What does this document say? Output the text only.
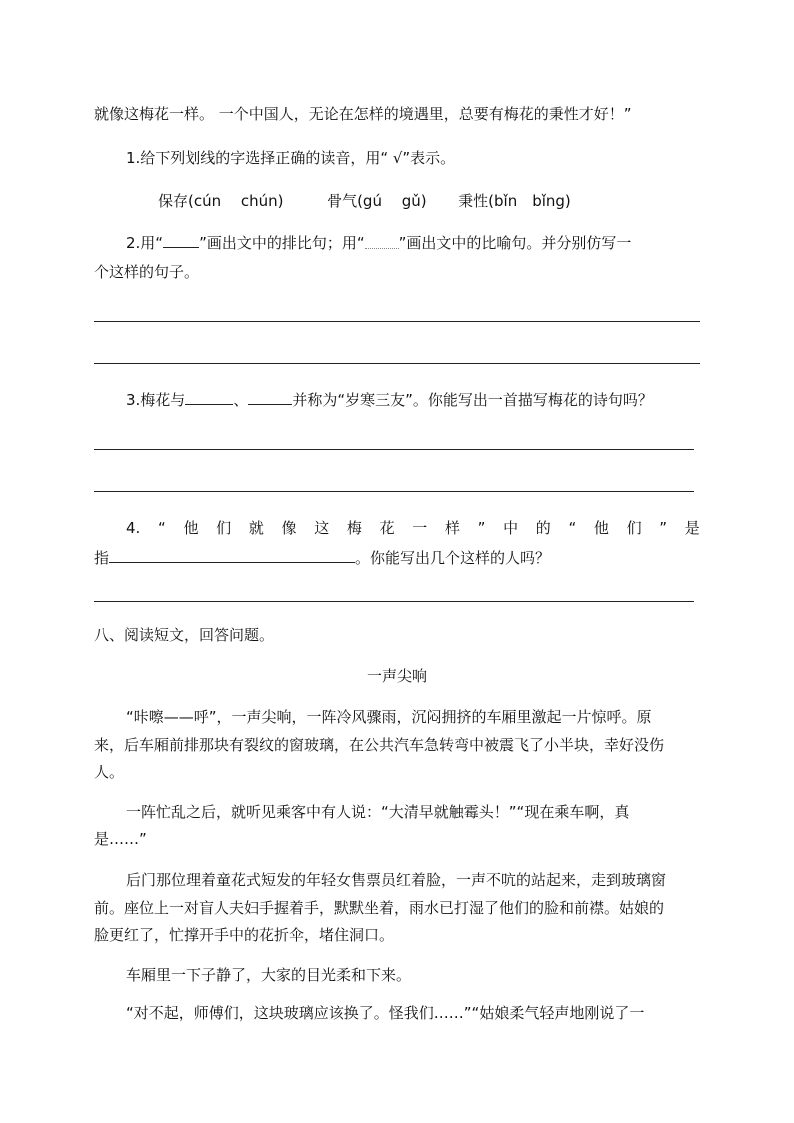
就像这梅花一样。 一个中国人，无论在怎样的境遇里，总要有梅花的秉性才好！”
1.给下列划线的字选择正确的读音，用“ √”表示。
保存(cún　 chún)	骨气(gú　 gǔ) 秉性(bǐn　bǐng)
2.用“ ”画出文中的排比句；用“ ”画出文中的比喻句。并分别仿写一
个这样的句子。
3.梅花与	、	并称为“岁寒三友”。你能写出一首描写梅花的诗句吗？
4. “ 他 们 就 像 这 梅 花 一 样 ” 中 的 “ 他 们 ” 是
指	。你能写出几个这样的人吗？
八、阅读短文，回答问题。
一声尖响
“咔嚓——呼”，一声尖响，一阵冷风骤雨，沉闷拥挤的车厢里激起一片惊呼。原
来，后车厢前排那块有裂纹的窗玻璃，在公共汽车急转弯中被震飞了小半块，幸好没伤
人。
一阵忙乱之后，就听见乘客中有人说：“大清早就触霉头！”“现在乘车啊，真
是……”
后门那位理着童花式短发的年轻女售票员红着脸，一声不吭的站起来，走到玻璃窗
前。座位上一对盲人夫妇手握着手，默默坐着，雨水已打湿了他们的脸和前襟。姑娘的
脸更红了，忙撑开手中的花折伞，堵住洞口。
车厢里一下子静了，大家的目光柔和下来。
“对不起，师傅们，这块玻璃应该换了。怪我们……”“姑娘柔气轻声地刚说了一
